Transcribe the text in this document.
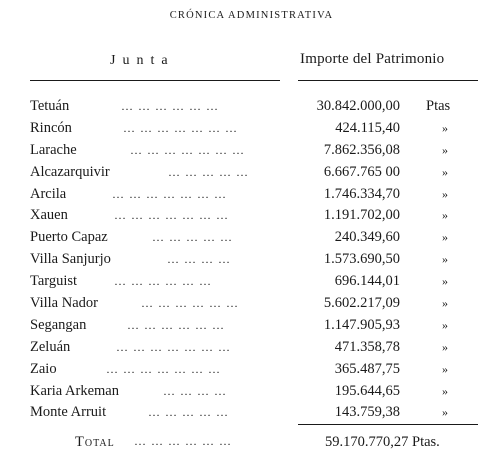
CRÓNICA ADMINISTRATIVA
Junta	Importe del Patrimonio
Tetuán	… … … … … …	30.842.000,00 Ptas
Rincón	… … … … … … …	424.115,40	»
Larache	… … … … … … …	7.862.356,08	»
Alcazarquivir	… … … … …	6.667.765 00	»
Arcila	… … … … … … …	1.746.334,70	»
Xauen	… … … … … … …	1.191.702,00	»
Puerto Capaz	… … … … …	240.349,60	»
Villa Sanjurjo	… … … …	1.573.690,50	»
Targuist	… … … … … …	696.144,01	»
Villa Nador	… … … … … …	5.602.217,09	»
Segangan	… … … … … …	1.147.905,93	»
Zeluán	… … … … … … …	471.358,78	»
Zaio	… … … … … … …	365.487,75	»
Karia Arkeman	… … … …	195.644,65	»
Monte Arruit	… … … … …	143.759,38	»
Total … … … … … …	59.170.770,27 Ptas.
